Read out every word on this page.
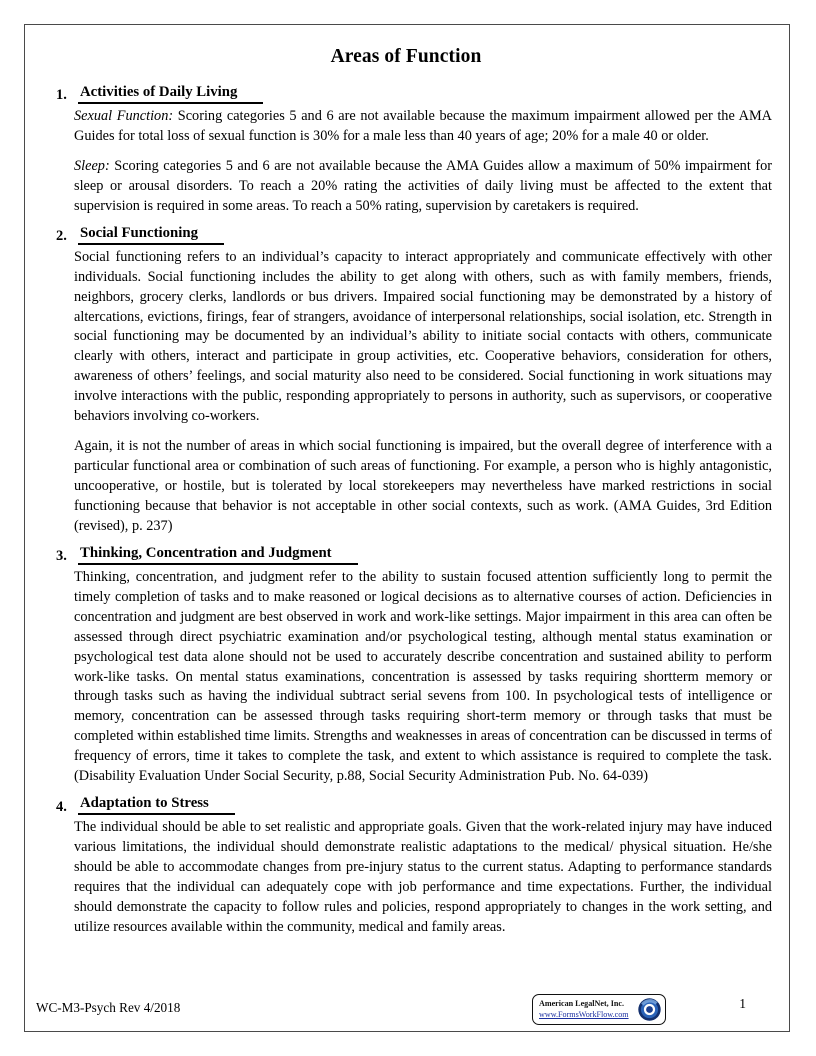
Areas of Function
1. Activities of Daily Living

Sexual Function: Scoring categories 5 and 6 are not available because the maximum impairment allowed per the AMA Guides for total loss of sexual function is 30% for a male less than 40 years of age; 20% for a male 40 or older.

Sleep: Scoring categories 5 and 6 are not available because the AMA Guides allow a maximum of 50% impairment for sleep or arousal disorders. To reach a 20% rating the activities of daily living must be affected to the extent that supervision is required in some areas. To reach a 50% rating, supervision by caretakers is required.

2. Social Functioning

Social functioning refers to an individual’s capacity to interact appropriately and communicate effectively with other individuals. Social functioning includes the ability to get along with others, such as with family members, friends, neighbors, grocery clerks, landlords or bus drivers. Impaired social functioning may be demonstrated by a history of altercations, evictions, firings, fear of strangers, avoidance of interpersonal relationships, social isolation, etc. Strength in social functioning may be documented by an individual’s ability to initiate social contacts with others, communicate clearly with others, interact and participate in group activities, etc. Cooperative behaviors, consideration for others, awareness of others’ feelings, and social maturity also need to be considered. Social functioning in work situations may involve interactions with the public, responding appropriately to persons in authority, such as supervisors, or cooperative behaviors involving co-workers.

Again, it is not the number of areas in which social functioning is impaired, but the overall degree of interference with a particular functional area or combination of such areas of functioning. For example, a person who is highly antagonistic, uncooperative, or hostile, but is tolerated by local storekeepers may nevertheless have marked restrictions in social functioning because that behavior is not acceptable in other social contexts, such as work. (AMA Guides, 3rd Edition (revised), p. 237)

3. Thinking, Concentration and Judgment

Thinking, concentration, and judgment refer to the ability to sustain focused attention sufficiently long to permit the timely completion of tasks and to make reasoned or logical decisions as to alternative courses of action. Deficiencies in concentration and judgment are best observed in work and work-like settings. Major impairment in this area can often be assessed through direct psychiatric examination and/or psychological testing, although mental status examination or psychological test data alone should not be used to accurately describe concentration and sustained ability to perform work-like tasks. On mental status examinations, concentration is assessed by tasks requiring shortterm memory or through tasks such as having the individual subtract serial sevens from 100. In psychological tests of intelligence or memory, concentration can be assessed through tasks requiring short-term memory or through tasks that must be completed within established time limits. Strengths and weaknesses in areas of concentration can be discussed in terms of frequency of errors, time it takes to complete the task, and extent to which assistance is required to complete the task. (Disability Evaluation Under Social Security, p.88, Social Security Administration Pub. No. 64-039)

4. Adaptation to Stress

The individual should be able to set realistic and appropriate goals. Given that the work-related injury may have induced various limitations, the individual should demonstrate realistic adaptations to the medical/ physical situation. He/she should be able to accommodate changes from pre-injury status to the current status. Adapting to performance standards requires that the individual can adequately cope with job performance and time expectations. Further, the individual should demonstrate the capacity to follow rules and policies, respond appropriately to changes in the work setting, and utilize resources available within the community, medical and family areas.

WC-M3-Psych Rev 4/2018	American LegalNet, Inc.
www.FormsWorkFlow.com
1
